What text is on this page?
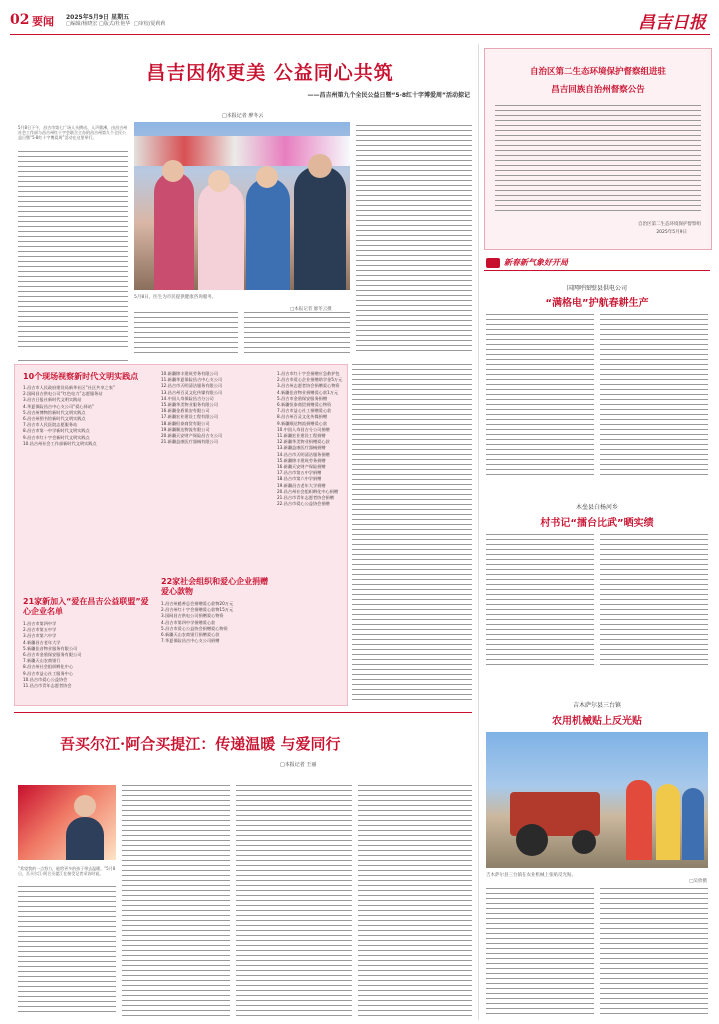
02 要闻 2025年5月9日 星期五
□编辑/杨晓宏 □版式/杜艳华 □审校/夏莉莉	昌吉日报
昌吉因你更美 公益同心共筑
——昌吉州第九个全民公益日暨“5·8红十字博爱周”活动掠记
□本报记者 廖冬云
5月8日下午，昌吉市第七广场人头攒动、人声鼎沸，由昌吉州社会工作部与昌吉州红十字会联合主办的昌吉州第九个全民公益日暨“5·8红十字博爱周”活动在这里举行。
5月8日，医生为市民提供健康咨询服务。
□本报记者 廖冬云摄
10个现场视察新时代文明实践点
1.昌吉市人民政府建设局新华社区“社区共享之家”
2.国网昌吉供电公司“红色电力”志愿服务站
3.昌吉日报社新时代文明实践站
4.华夏保险昌吉中心支公司“爱心驿站”
5.昌吉州博物馆新时代文明实践点
6.昌吉州图书馆新时代文明实践点
7.昌吉市人民医院志愿服务站
8.昌吉市第一中学新时代文明实践点
9.昌吉市红十字会新时代文明实践点
10.昌吉州社会工作部新时代文明实践点
21家新加入“爱在昌吉公益联盟”爱心企业名单
1.昌吉市第四中学
2.昌吉市第五中学
3.昌吉市第六中学
4.新疆昌吉老年大学
5.新疆佳音物业服务有限公司
6.昌吉市金盾保安服务有限公司
7.新疆天山农商银行
8.昌吉州社会组织孵化中心
9.昌吉市益心社工服务中心
10.昌吉市爱心公益协会
11.昌吉市青年志愿者协会
10.新疆锦丰建筑劳务有限公司
11.新疆华夏保险昌吉中心支公司
12.昌吉市天明清洁服务有限公司
13.昌吉州百灵文化传媒有限公司
14.中国人寿保险昌吉分公司
15.新疆华美物业服务有限公司
16.新疆金盾保安有限公司
17.新疆宏业建设工程有限公司
18.新疆恒泰商贸有限公司
19.新疆顺达物流有限公司
20.新疆天安财产保险昌吉支公司
21.新疆益康医疗器械有限公司
22家社会组织和爱心企业捐赠爱心款物
1.昌吉州慈善总会捐赠爱心款物20万元
2.昌吉州红十字会捐赠爱心款物15万元
3.国网昌吉供电公司捐赠爱心物资
4.昌吉市第四中学捐赠爱心款
5.昌吉市爱心公益协会捐赠爱心物资
6.新疆天山农商银行捐赠爱心款
7.华夏保险昌吉中心支公司捐赠
1.昌吉市红十字会捐赠应急救护包
2.昌吉市爱心企业捐赠助学金5万元
3.昌吉州志愿者协会捐赠爱心物资
4.新疆佳音物业捐赠爱心款1万元
5.昌吉市金盾保安服务捐赠
6.新疆恒泰商贸捐赠爱心物资
7.昌吉市益心社工捐赠爱心款
8.昌吉州百灵文化传媒捐赠
9.新疆顺达物流捐赠爱心款
10.中国人寿昌吉分公司捐赠
11.新疆宏业建设工程捐赠
12.新疆华美物业捐赠爱心款
13.新疆益康医疗器械捐赠
14.昌吉市天明清洁服务捐赠
15.新疆锦丰建筑劳务捐赠
16.新疆天安财产保险捐赠
17.昌吉市第五中学捐赠
18.昌吉市第六中学捐赠
19.新疆昌吉老年大学捐赠
20.昌吉州社会组织孵化中心捐赠
21.昌吉市青年志愿者协会捐赠
22.昌吉市爱心公益协会捐赠
自治区第二生态环境保护督察组进驻
昌吉回族自治州督察公告
自治区第二生态环境保护督察组
2025年5月9日
新春新气象好开局
国网呼图壁县供电公司
“满格电”护航春耕生产
木垒县白杨河乡
村书记“擂台比武”晒实绩
吉木萨尔县三台镇
农用机械贴上反光贴
吉木萨尔县三台镇在农业机械上张贴反光贴。
□吴欣摄
吾买尔江·阿合买提江：传递温暖 与爱同行
□本报记者 王丽
“希望我的一点努力，能给更多的孩子带去温暖。”5月8日，吾买尔江·阿合买提江在接受记者采访时说。
